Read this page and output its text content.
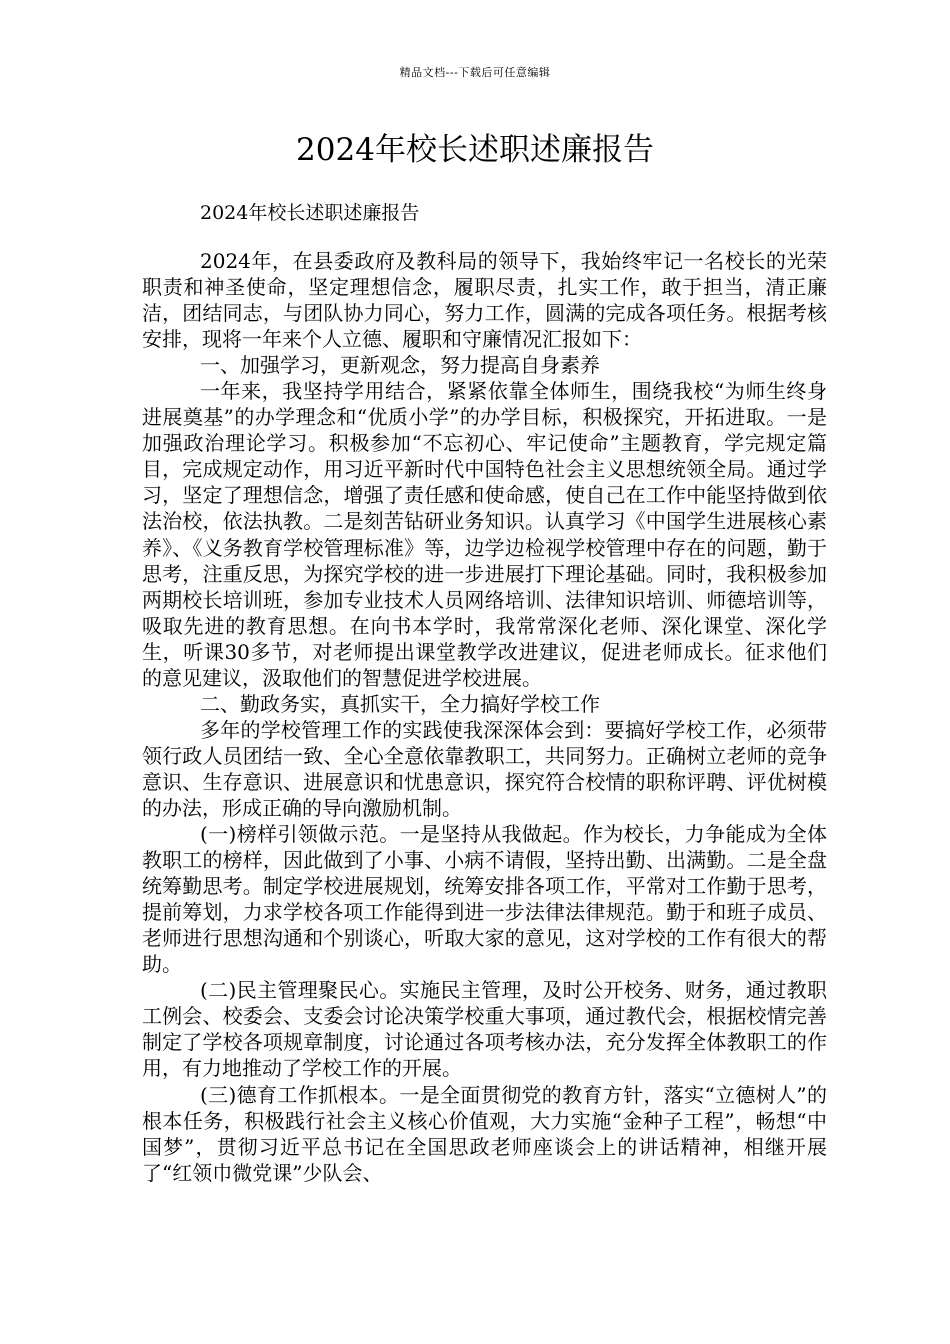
精品文档---下载后可任意编辑
2024年校长述职述廉报告
2024年校长述职述廉报告

2024年，在县委政府及教科局的领导下，我始终牢记一名校长的光荣职责和神圣使命，坚定理想信念，履职尽责，扎实工作，敢于担当，清正廉洁，团结同志，与团队协力同心，努力工作，圆满的完成各项任务。根据考核安排，现将一年来个人立德、履职和守廉情况汇报如下：

一、加强学习，更新观念，努力提高自身素养

一年来，我坚持学用结合，紧紧依靠全体师生，围绕我校“为师生终身进展奠基”的办学理念和“优质小学”的办学目标，积极探究，开拓进取。一是加强政治理论学习。积极参加“不忘初心、牢记使命”主题教育，学完规定篇目，完成规定动作，用习近平新时代中国特色社会主义思想统领全局。通过学习，坚定了理想信念，增强了责任感和使命感，使自己在工作中能坚持做到依法治校，依法执教。二是刻苦钻研业务知识。认真学习《中国学生进展核心素养》、《义务教育学校管理标准》等，边学边检视学校管理中存在的问题，勤于思考，注重反思，为探究学校的进一步进展打下理论基础。同时，我积极参加两期校长培训班，参加专业技术人员网络培训、法律知识培训、师德培训等，吸取先进的教育思想。在向书本学时，我常常深化老师、深化课堂、深化学生，听课30多节，对老师提出课堂教学改进建议，促进老师成长。征求他们的意见建议，汲取他们的智慧促进学校进展。

二、勤政务实，真抓实干，全力搞好学校工作

多年的学校管理工作的实践使我深深体会到：要搞好学校工作，必须带领行政人员团结一致、全心全意依靠教职工，共同努力。正确树立老师的竞争意识、生存意识、进展意识和忧患意识，探究符合校情的职称评聘、评优树模的办法，形成正确的导向激励机制。

(一)榜样引领做示范。一是坚持从我做起。作为校长，力争能成为全体教职工的榜样，因此做到了小事、小病不请假，坚持出勤、出满勤。二是全盘统筹勤思考。制定学校进展规划，统筹安排各项工作，平常对工作勤于思考，提前筹划，力求学校各项工作能得到进一步法律法律规范。勤于和班子成员、老师进行思想沟通和个别谈心，听取大家的意见，这对学校的工作有很大的帮助。

(二)民主管理聚民心。实施民主管理，及时公开校务、财务，通过教职工例会、校委会、支委会讨论决策学校重大事项，通过教代会，根据校情完善制定了学校各项规章制度，讨论通过各项考核办法，充分发挥全体教职工的作用，有力地推动了学校工作的开展。

(三)德育工作抓根本。一是全面贯彻党的教育方针，落实“立德树人”的根本任务，积极践行社会主义核心价值观，大力实施“金种子工程”，畅想“中国梦”，贯彻习近平总书记在全国思政老师座谈会上的讲话精神，相继开展了“红领巾微党课”少队会、
